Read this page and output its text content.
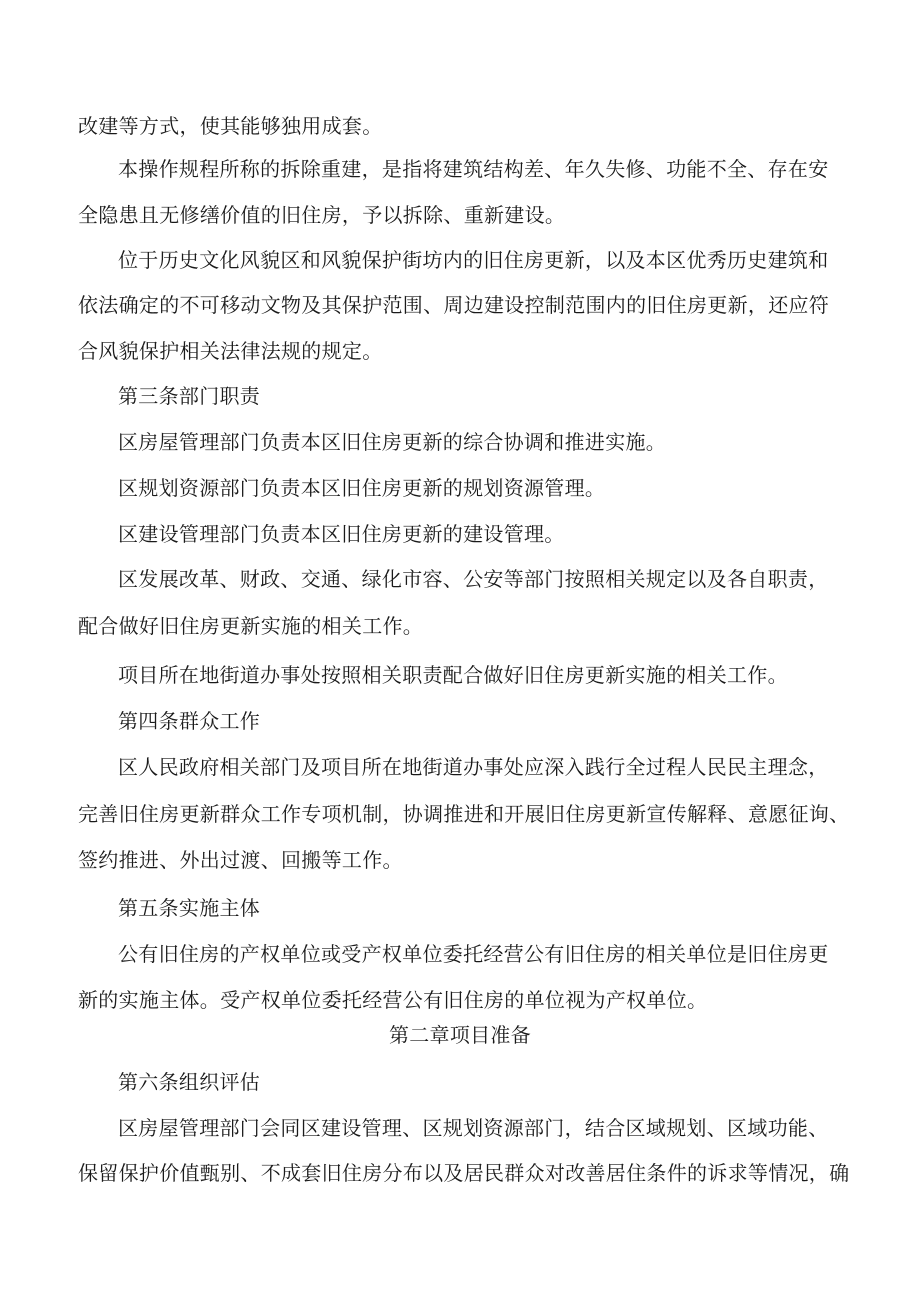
改建等方式，使其能够独用成套。
本操作规程所称的拆除重建，是指将建筑结构差、年久失修、功能不全、存在安
全隐患且无修缮价值的旧住房，予以拆除、重新建设。
位于历史文化风貌区和风貌保护街坊内的旧住房更新，以及本区优秀历史建筑和
依法确定的不可移动文物及其保护范围、周边建设控制范围内的旧住房更新，还应符
合风貌保护相关法律法规的规定。
第三条部门职责
区房屋管理部门负责本区旧住房更新的综合协调和推进实施。
区规划资源部门负责本区旧住房更新的规划资源管理。
区建设管理部门负责本区旧住房更新的建设管理。
区发展改革、财政、交通、绿化市容、公安等部门按照相关规定以及各自职责，
配合做好旧住房更新实施的相关工作。
项目所在地街道办事处按照相关职责配合做好旧住房更新实施的相关工作。
第四条群众工作
区人民政府相关部门及项目所在地街道办事处应深入践行全过程人民民主理念，
完善旧住房更新群众工作专项机制，协调推进和开展旧住房更新宣传解释、意愿征询、
签约推进、外出过渡、回搬等工作。
第五条实施主体
公有旧住房的产权单位或受产权单位委托经营公有旧住房的相关单位是旧住房更
新的实施主体。受产权单位委托经营公有旧住房的单位视为产权单位。
第二章项目准备
第六条组织评估
区房屋管理部门会同区建设管理、区规划资源部门，结合区域规划、区域功能、
保留保护价值甄别、不成套旧住房分布以及居民群众对改善居住条件的诉求等情况，确
